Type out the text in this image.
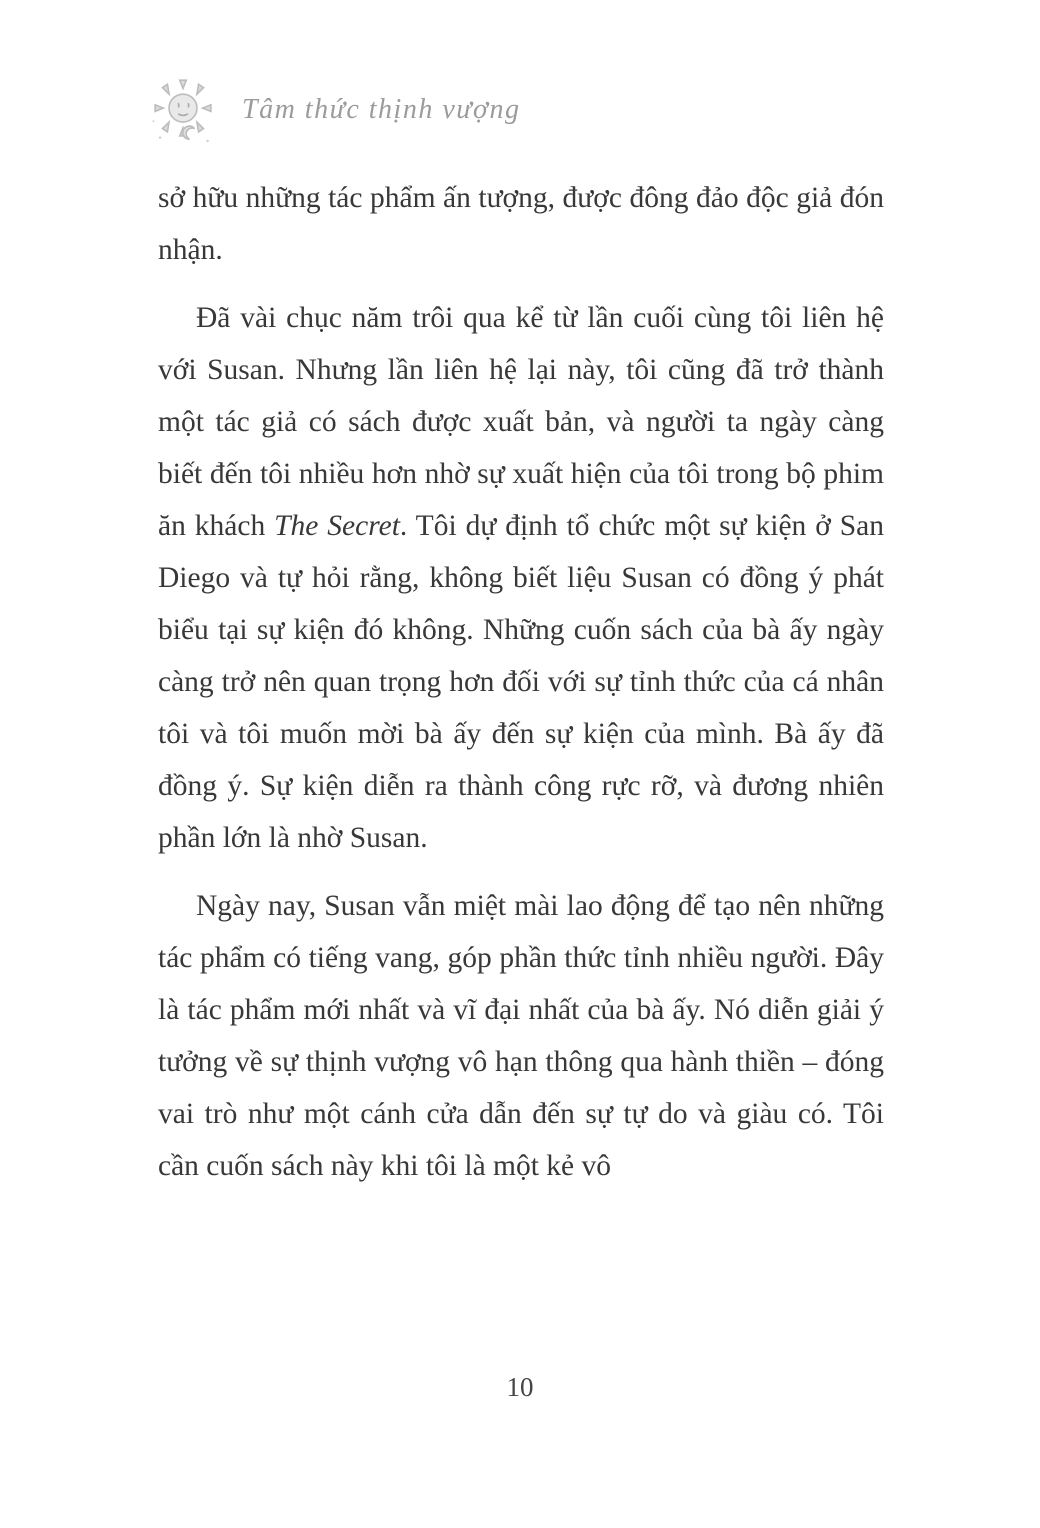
Tâm thức thịnh vượng

sở hữu những tác phẩm ấn tượng, được đông đảo độc giả đón nhận.

Đã vài chục năm trôi qua kể từ lần cuối cùng tôi liên hệ với Susan. Nhưng lần liên hệ lại này, tôi cũng đã trở thành một tác giả có sách được xuất bản, và người ta ngày càng biết đến tôi nhiều hơn nhờ sự xuất hiện của tôi trong bộ phim ăn khách The Secret. Tôi dự định tổ chức một sự kiện ở San Diego và tự hỏi rằng, không biết liệu Susan có đồng ý phát biểu tại sự kiện đó không. Những cuốn sách của bà ấy ngày càng trở nên quan trọng hơn đối với sự tỉnh thức của cá nhân tôi và tôi muốn mời bà ấy đến sự kiện của mình. Bà ấy đã đồng ý. Sự kiện diễn ra thành công rực rỡ, và đương nhiên phần lớn là nhờ Susan.

Ngày nay, Susan vẫn miệt mài lao động để tạo nên những tác phẩm có tiếng vang, góp phần thức tỉnh nhiều người. Đây là tác phẩm mới nhất và vĩ đại nhất của bà ấy. Nó diễn giải ý tưởng về sự thịnh vượng vô hạn thông qua hành thiền – đóng vai trò như một cánh cửa dẫn đến sự tự do và giàu có. Tôi cần cuốn sách này khi tôi là một kẻ vô

10
